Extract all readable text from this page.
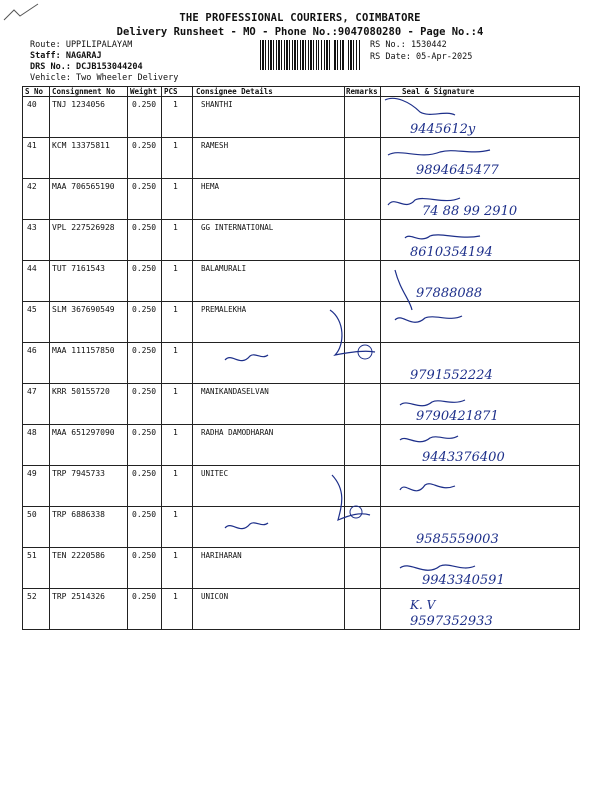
THE PROFESSIONAL COURIERS, COIMBATORE
Delivery Runsheet - MO - Phone No.:9047080280 - Page No.:4
Route: UPPILIPALAYAM
Staff: NAGARAJ
DRS No.: DCJB153044204
Vehicle: Two Wheeler Delivery
RS No.: 1530442
RS Date: 05-Apr-2025
S No Consignment No Weight PCS Consignee Details	Remarks	Seal & Signature
40 TNJ 1234056	0.250 1	SHANTHI
9445612y
41 KCM 13375811	0.250 1	RAMESH
9894645477
42 MAA 706565190 0.250 1	HEMA
74 88 99 2910
43 VPL 227526928 0.250 1	GG INTERNATIONAL
8610354194
44 TUT 7161543	0.250 1	BALAMURALI
97888088
45 SLM 367690549 0.250 1	PREMALEKHA
46 MAA 111157850 0.250 1
9791552224
47 KRR 50155720	0.250 1	MANIKANDASELVAN
9790421871
48 MAA 651297090 0.250 1	RADHA DAMODHARAN
9443376400
49 TRP 7945733	0.250 1	UNITEC
50 TRP 6886338	0.250 1
9585559003
51 TEN 2220586	0.250 1	HARIHARAN
9943340591
52 TRP 2514326	0.250 1	UNICON
9597352933
K. V
